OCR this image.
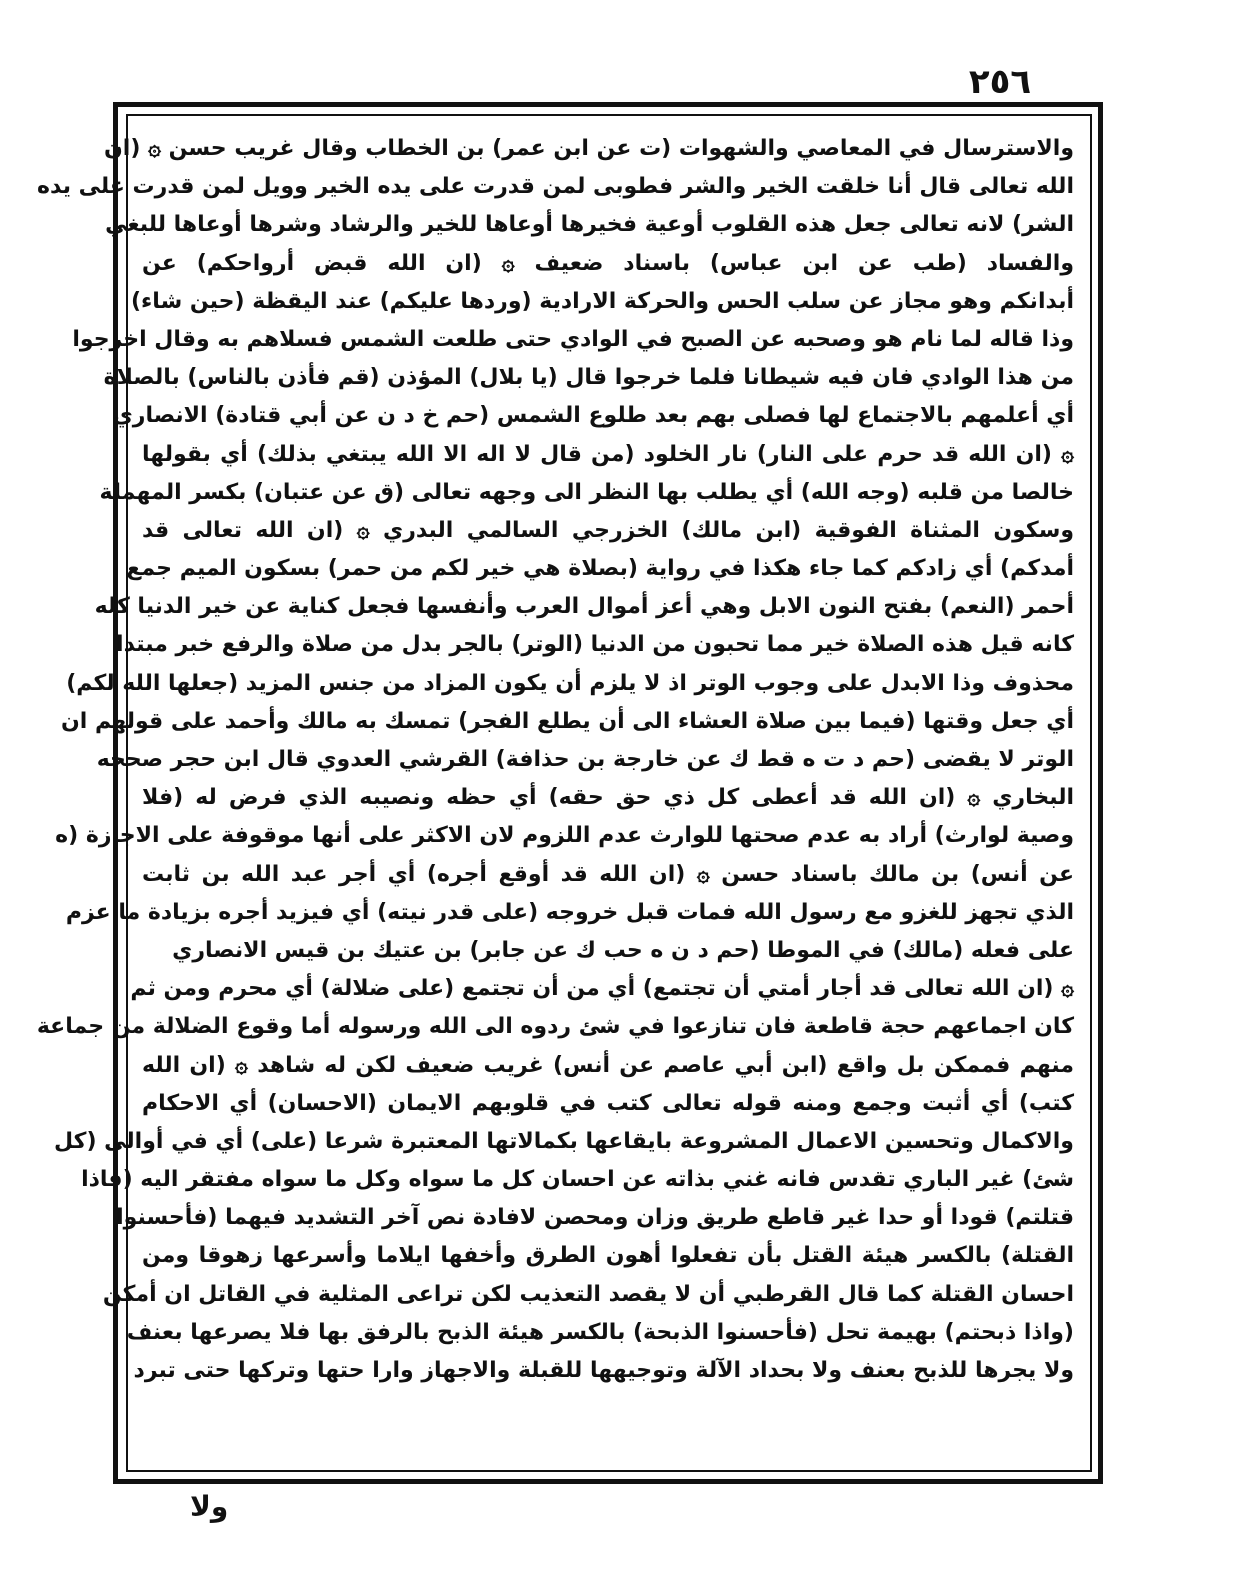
٢٥٦
والاسترسال في المعاصي والشهوات (ت عن ابن عمر) بن الخطاب وقال غريب حسن ۞ (ان
الله تعالى قال أنا خلقت الخير والشر فطوبى لمن قدرت على يده الخير وويل لمن قدرت على يده
الشر) لانه تعالى جعل هذه القلوب أوعية فخيرها أوعاها للخير والرشاد وشرها أوعاها للبغي
والفساد (طب عن ابن عباس) باسناد ضعيف ۞ (ان الله قبض أرواحكم) عن
أبدانكم وهو مجاز عن سلب الحس والحركة الارادية (وردها عليكم) عند اليقظة (حين شاء)
وذا قاله لما نام هو وصحبه عن الصبح في الوادي حتى طلعت الشمس فسلاهم به وقال اخرجوا
من هذا الوادي فان فيه شيطانا فلما خرجوا قال (يا بلال) المؤذن (قم فأذن بالناس) بالصلاة
أي أعلمهم بالاجتماع لها فصلى بهم بعد طلوع الشمس (حم خ د ن عن أبي قتادة) الانصاري
۞ (ان الله قد حرم على النار) نار الخلود (من قال لا اله الا الله يبتغي بذلك) أي بقولها
خالصا من قلبه (وجه الله) أي يطلب بها النظر الى وجهه تعالى (ق عن عتبان) بكسر المهملة
وسكون المثناة الفوقية (ابن مالك) الخزرجي السالمي البدري ۞ (ان الله تعالى قد
أمدكم) أي زادكم كما جاء هكذا في رواية (بصلاة هي خير لكم من حمر) بسكون الميم جمع
أحمر (النعم) بفتح النون الابل وهي أعز أموال العرب وأنفسها فجعل كناية عن خير الدنيا كله
كانه قيل هذه الصلاة خير مما تحبون من الدنيا (الوتر) بالجر بدل من صلاة والرفع خبر مبتدا
محذوف وذا الابدل على وجوب الوتر اذ لا يلزم أن يكون المزاد من جنس المزيد (جعلها الله لكم)
أي جعل وقتها (فيما بين صلاة العشاء الى أن يطلع الفجر) تمسك به مالك وأحمد على قولهم ان
الوتر لا يقضى (حم د ت ه قط ك عن خارجة بن حذافة) القرشي العدوي قال ابن حجر صححه
البخاري ۞ (ان الله قد أعطى كل ذي حق حقه) أي حظه ونصيبه الذي فرض له (فلا
وصية لوارث) أراد به عدم صحتها للوارث عدم اللزوم لان الاكثر على أنها موقوفة على الاجازة (ه
عن أنس) بن مالك باسناد حسن ۞ (ان الله قد أوقع أجره) أي أجر عبد الله بن ثابت
الذي تجهز للغزو مع رسول الله فمات قبل خروجه (على قدر نيته) أي فيزيد أجره بزيادة ما عزم
على فعله (مالك) في الموطا (حم د ن ه حب ك عن جابر) بن عتيك بن قيس الانصاري
۞ (ان الله تعالى قد أجار أمتي أن تجتمع) أي من أن تجتمع (على ضلالة) أي محرم ومن ثم
كان اجماعهم حجة قاطعة فان تنازعوا في شئ ردوه الى الله ورسوله أما وقوع الضلالة من جماعة
منهم فممكن بل واقع (ابن أبي عاصم عن أنس) غريب ضعيف لكن له شاهد ۞ (ان الله
كتب) أي أثبت وجمع ومنه قوله تعالى كتب في قلوبهم الايمان (الاحسان) أي الاحكام
والاكمال وتحسين الاعمال المشروعة بايقاعها بكمالاتها المعتبرة شرعا (على) أي في أوالى (كل
شئ) غير الباري تقدس فانه غني بذاته عن احسان كل ما سواه وكل ما سواه مفتقر اليه (فاذا
قتلتم) قودا أو حدا غير قاطع طريق وزان ومحصن لافادة نص آخر التشديد فيهما (فأحسنوا
القتلة) بالكسر هيئة القتل بأن تفعلوا أهون الطرق وأخفها ايلاما وأسرعها زهوقا ومن
احسان القتلة كما قال القرطبي أن لا يقصد التعذيب لكن تراعى المثلية في القاتل ان أمكن
(واذا ذبحتم) بهيمة تحل (فأحسنوا الذبحة) بالكسر هيئة الذبح بالرفق بها فلا يصرعها بعنف
ولا يجرها للذبح بعنف ولا بحداد الآلة وتوجيهها للقبلة والاجهاز وارا حتها وتركها حتى تبرد
ولا
